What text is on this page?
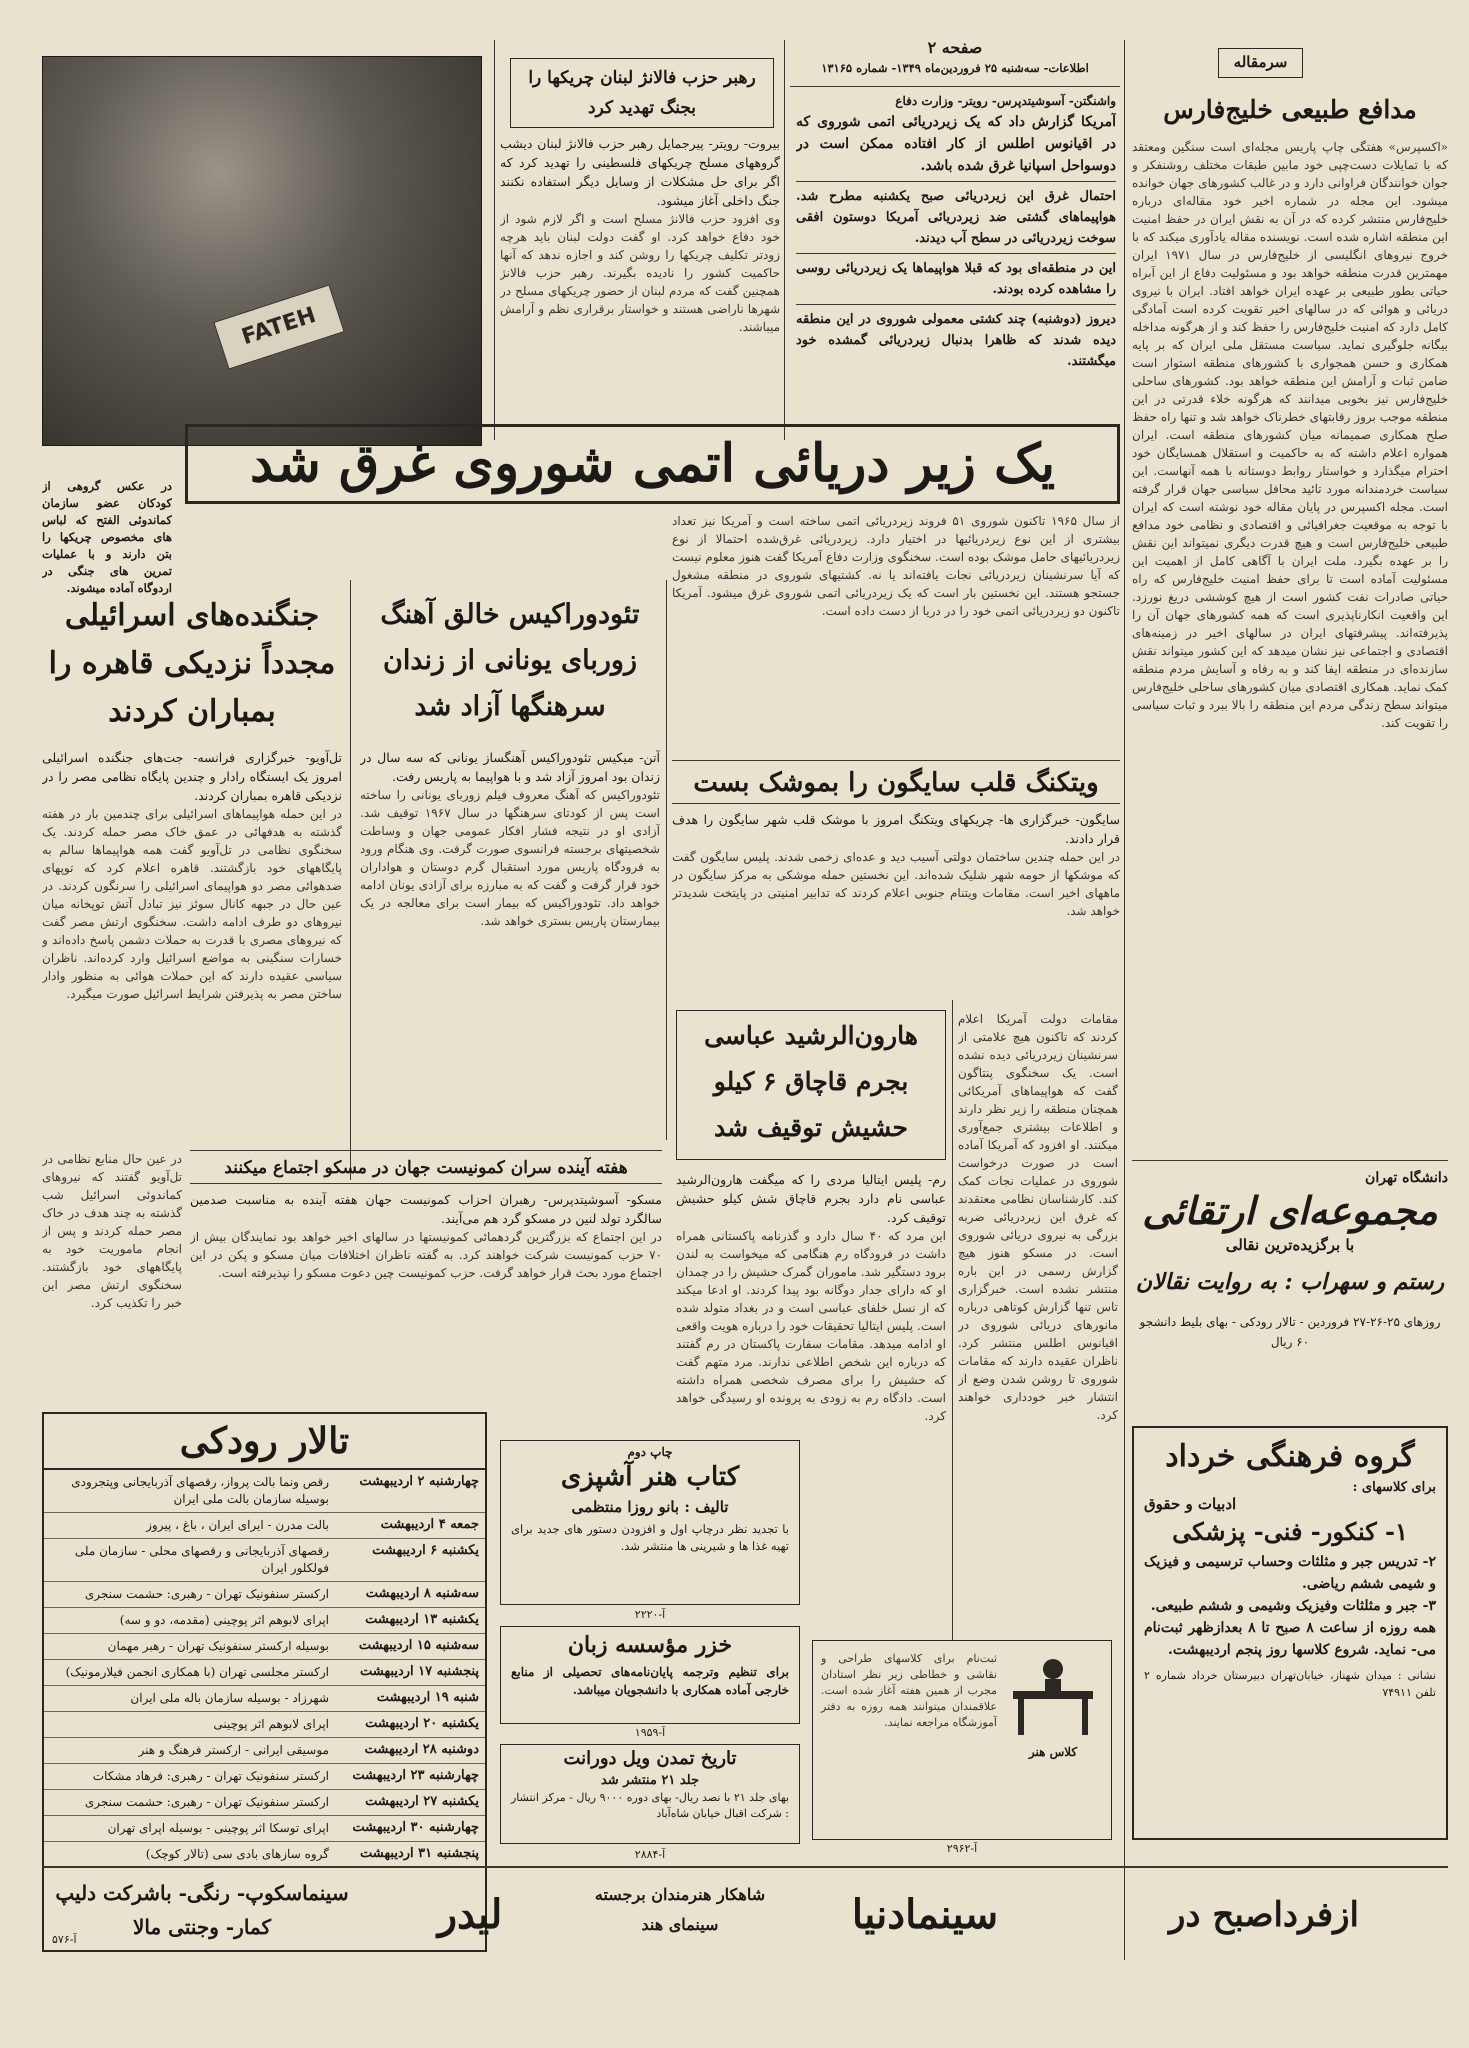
صفحه ۲
اطلاعات- سه‌شنبه ۲۵ فروردین‌ماه ۱۳۴۹- شماره ۱۳۱۶۵	سرمقاله
مدافع طبیعی خلیج‌فارس
«اکسپرس» هفتگی چاپ پاریس مجله‌ای است سنگین ومعتقد که با تمایلات دست‌چپی خود مابین طبقات مختلف روشنفکر و جوان خوانندگان فراوانی دارد و در غالب کشورهای جهان خوانده میشود. این مجله در شماره اخیر خود مقاله‌ای درباره خلیج‌فارس منتشر کرده که در آن به نقش ایران در حفظ امنیت این منطقه اشاره شده است. نویسنده مقاله یادآوری میکند که با خروج نیروهای انگلیسی از خلیج‌فارس در سال ۱۹۷۱ ایران مهمترین قدرت منطقه خواهد بود و مسئولیت دفاع از این آبراه حیاتی بطور طبیعی بر عهده ایران خواهد افتاد. ایران با نیروی دریائی و هوائی که در سالهای اخیر تقویت کرده است آمادگی کامل دارد که امنیت خلیج‌فارس را حفظ کند و از هرگونه مداخله بیگانه جلوگیری نماید. سیاست مستقل ملی ایران که بر پایه همکاری و حسن همجواری با کشورهای منطقه استوار است ضامن ثبات و آرامش این منطقه خواهد بود. کشورهای ساحلی خلیج‌فارس نیز بخوبی میدانند که هرگونه خلاء قدرتی در این منطقه موجب بروز رقابتهای خطرناک خواهد شد و تنها راه حفظ صلح همکاری صمیمانه میان کشورهای منطقه است. ایران همواره اعلام داشته که به حاکمیت و استقلال همسایگان خود احترام میگذارد و خواستار روابط دوستانه با همه آنهاست. این سیاست خردمندانه مورد تائید محافل سیاسی جهان قرار گرفته است. مجله اکسپرس در پایان مقاله خود نوشته است که ایران با توجه به موقعیت جغرافیائی و اقتصادی و نظامی خود مدافع طبیعی خلیج‌فارس است و هیچ قدرت دیگری نمیتواند این نقش را بر عهده بگیرد. ملت ایران با آگاهی کامل از اهمیت این مسئولیت آماده است تا برای حفظ امنیت خلیج‌فارس که راه حیاتی صادرات نفت کشور است از هیچ کوششی دریغ نورزد. این واقعیت انکارناپذیری است که همه کشورهای جهان آن را پذیرفته‌اند. پیشرفتهای ایران در سالهای اخیر در زمینه‌های اقتصادی و اجتماعی نیز نشان میدهد که این کشور میتواند نقش سازنده‌ای در منطقه ایفا کند و به رفاه و آسایش مردم منطقه کمک نماید. همکاری اقتصادی میان کشورهای ساحلی خلیج‌فارس میتواند سطح زندگی مردم این منطقه را بالا ببرد و ثبات سیاسی را تقویت کند.
دانشگاه تهران
مجموعه‌ای ارتقائی
با برگزیده‌ترین نقالی
رستم و سهراب : به روایت نقالان
روزهای ۲۵-۲۶-۲۷ فروردین - تالار رودکی - بهای بلیط دانشجو ۶۰ ریال
FATEH
در عکس گروهی از کودکان عضو سازمان کماندوئی الفتح که لباس های مخصوص چریکها را بتن دارند و با عملیات تمرین های جنگی در اردوگاه آماده میشوند.
رهبر حزب فالانژ لبنان چریکها را بجنگ تهدید کرد
بیروت- رویتر- پیرجمایل رهبر حزب فالانژ لبنان دیشب گروههای مسلح چریکهای فلسطینی را تهدید کرد که اگر برای حل مشکلات از وسایل دیگر استفاده نکنند جنگ داخلی آغاز میشود.
وی افزود حزب فالانژ مسلح است و اگر لازم شود از خود دفاع خواهد کرد. او گفت دولت لبنان باید هرچه زودتر تکلیف چریکها را روشن کند و اجازه ندهد که آنها حاکمیت کشور را نادیده بگیرند. رهبر حزب فالانژ همچنین گفت که مردم لبنان از حضور چریکهای مسلح در شهرها ناراضی هستند و خواستار برقراری نظم و آرامش میباشند.
واشنگتن- آسوشیتدپرس- رویتر- وزارت دفاع
آمریکا گزارش داد که یک زیردریائی اتمی شوروی که در اقیانوس اطلس از کار افتاده ممکن است در دوسواحل اسپانیا غرق شده باشد.
احتمال غرق این زیردریائی صبح یکشنبه مطرح شد. هواپیماهای گشتی ضد زیردریائی آمریکا دوستون افقی سوخت زیردریائی در سطح آب دیدند.
این در منطقه‌ای بود که قبلا هواپیماها یک زیردریائی روسی را مشاهده کرده بودند.
دیروز (دوشنبه) چند کشتی معمولی شوروی در این منطقه دیده شدند که ظاهرا بدنبال زیردریائی گمشده خود میگشتند.
یک زیر دریائی اتمی شوروی غرق شد
جنگنده‌های اسرائیلی مجدداً نزدیکی قاهره را بمباران کردند
تل‌آویو- خبرگزاری فرانسه- جت‌های جنگنده اسرائیلی امروز یک ایستگاه رادار و چندین پایگاه نظامی مصر را در نزدیکی قاهره بمباران کردند.
در این حمله هواپیماهای اسرائیلی برای چندمین بار در هفته گذشته به هدفهائی در عمق خاک مصر حمله کردند. یک سخنگوی نظامی در تل‌آویو گفت همه هواپیماها سالم به پایگاههای خود بازگشتند. قاهره اعلام کرد که توپهای ضدهوائی مصر دو هواپیمای اسرائیلی را سرنگون کردند. در عین حال در جبهه کانال سوئز نیز تبادل آتش توپخانه میان نیروهای دو طرف ادامه داشت. سخنگوی ارتش مصر گفت که نیروهای مصری با قدرت به حملات دشمن پاسخ داده‌اند و خسارات سنگینی به مواضع اسرائیل وارد کرده‌اند. ناظران سیاسی عقیده دارند که این حملات هوائی به منظور وادار ساختن مصر به پذیرفتن شرایط اسرائیل صورت میگیرد.
تئودوراکیس خالق آهنگ زوربای یونانی از زندان سرهنگها آزاد شد
آتن- میکیس تئودوراکیس آهنگساز یونانی که سه سال در زندان بود امروز آزاد شد و با هواپیما به پاریس رفت.
تئودوراکیس که آهنگ معروف فیلم زوربای یونانی را ساخته است پس از کودتای سرهنگها در سال ۱۹۶۷ توقیف شد. آزادی او در نتیجه فشار افکار عمومی جهان و وساطت شخصیتهای برجسته فرانسوی صورت گرفت. وی هنگام ورود به فرودگاه پاریس مورد استقبال گرم دوستان و هواداران خود قرار گرفت و گفت که به مبارزه برای آزادی یونان ادامه خواهد داد. تئودوراکیس که بیمار است برای معالجه در یک بیمارستان پاریس بستری خواهد شد.
از سال ۱۹۶۵ تاکنون شوروی ۵۱ فروند زیردریائی اتمی ساخته است و آمریکا نیز تعداد بیشتری از این نوع زیردریائیها در اختیار دارد. زیردریائی غرق‌شده احتمالا از نوع زیردریائیهای حامل موشک بوده است. سخنگوی وزارت دفاع آمریکا گفت هنوز معلوم نیست که آیا سرنشینان زیردریائی نجات یافته‌اند یا نه. کشتیهای شوروی در منطقه مشغول جستجو هستند. این نخستین بار است که یک زیردریائی اتمی شوروی غرق میشود. آمریکا تاکنون دو زیردریائی اتمی خود را در دریا از دست داده است.
ویتکنگ قلب سایگون را بموشک بست
سایگون- خبرگزاری ها- چریکهای ویتکنگ امروز با موشک قلب شهر سایگون را هدف قرار دادند.
در این حمله چندین ساختمان دولتی آسیب دید و عده‌ای زخمی شدند. پلیس سایگون گفت که موشکها از حومه شهر شلیک شده‌اند. این نخستین حمله موشکی به مرکز سایگون در ماههای اخیر است. مقامات ویتنام جنوبی اعلام کردند که تدابیر امنیتی در پایتخت شدیدتر خواهد شد.
هارون‌الرشید عباسی بجرم قاچاق ۶ کیلو حشیش توقیف شد
رم- پلیس ایتالیا مردی را که میگفت هارون‌الرشید عباسی نام دارد بجرم قاچاق شش کیلو حشیش توقیف کرد.
این مرد که ۴۰ سال دارد و گذرنامه پاکستانی همراه داشت در فرودگاه رم هنگامی که میخواست به لندن برود دستگیر شد. ماموران گمرک حشیش را در چمدان او که دارای جدار دوگانه بود پیدا کردند. او ادعا میکند که از نسل خلفای عباسی است و در بغداد متولد شده است. پلیس ایتالیا تحقیقات خود را درباره هویت واقعی او ادامه میدهد. مقامات سفارت پاکستان در رم گفتند که درباره این شخص اطلاعی ندارند. مرد متهم گفت که حشیش را برای مصرف شخصی همراه داشته است. دادگاه رم به زودی به پرونده او رسیدگی خواهد کرد.
مقامات دولت آمریکا اعلام کردند که تاکنون هیچ علامتی از سرنشینان زیردریائی دیده نشده است. یک سخنگوی پنتاگون گفت که هواپیماهای آمریکائی همچنان منطقه را زیر نظر دارند و اطلاعات بیشتری جمع‌آوری میکنند. او افزود که آمریکا آماده است در صورت درخواست شوروی در عملیات نجات کمک کند. کارشناسان نظامی معتقدند که غرق این زیردریائی ضربه بزرگی به نیروی دریائی شوروی است. در مسکو هنوز هیچ گزارش رسمی در این باره منتشر نشده است. خبرگزاری تاس تنها گزارش کوتاهی درباره مانورهای دریائی شوروی در اقیانوس اطلس منتشر کرد. ناظران عقیده دارند که مقامات شوروی تا روشن شدن وضع از انتشار خبر خودداری خواهند کرد.
هفته آینده سران کمونیست جهان در مسکو اجتماع میکنند
مسکو- آسوشیتدپرس- رهبران احزاب کمونیست جهان هفته آینده به مناسبت صدمین سالگرد تولد لنین در مسکو گرد هم می‌آیند.
در این اجتماع که بزرگترین گردهمائی کمونیستها در سالهای اخیر خواهد بود نمایندگان بیش از ۷۰ حزب کمونیست شرکت خواهند کرد. به گفته ناظران اختلافات میان مسکو و پکن در این اجتماع مورد بحث قرار خواهد گرفت. حزب کمونیست چین دعوت مسکو را نپذیرفته است.
در عین حال منابع نظامی در تل‌آویو گفتند که نیروهای کماندوئی اسرائیل شب گذشته به چند هدف در خاک مصر حمله کردند و پس از انجام ماموریت خود به پایگاههای خود بازگشتند. سخنگوی ارتش مصر این خبر را تکذیب کرد.
تالار رودکی
چهارشنبه ۲ اردیبهشت
رقص ونما بالت پرواز، رقصهای آذربایجانی وپتجرودی بوسیله سازمان بالت ملی ایران
جمعه ۴ اردیبهشت
بالت مدرن - ایرای ایران ، باغ ، پیروز
یکشنبه ۶ اردیبهشت
رقصهای آذربایجانی و رقصهای محلی - سازمان ملی فولکلور ایران
سه‌شنبه ۸ اردیبهشت
ارکستر سنفونیک تهران - رهبری: حشمت سنجری
یکشنبه ۱۳ اردیبهشت
اپرای لابوهم اثر پوچینی (مقدمه، دو و سه)
سه‌شنبه ۱۵ اردیبهشت
بوسیله ارکستر سنفونیک تهران - رهبر مهمان
پنجشنبه ۱۷ اردیبهشت
ارکستر مجلسی تهران (با همکاری انجمن فیلارمونیک)
شنبه ۱۹ اردیبهشت
شهرزاد - بوسیله سازمان باله ملی ایران
یکشنبه ۲۰ اردیبهشت
اپرای لابوهم اثر پوچینی
دوشنبه ۲۸ اردیبهشت
موسیقی ایرانی - ارکستر فرهنگ و هنر
چهارشنبه ۲۳ اردیبهشت
ارکستر سنفونیک تهران - رهبری: فرهاد مشکات
یکشنبه ۲۷ اردیبهشت
ارکستر سنفونیک تهران - رهبری: حشمت سنجری
چهارشنبه ۳۰ اردیبهشت
اپرای توسکا اثر پوچینی - بوسیله اپرای تهران
پنجشنبه ۳۱ اردیبهشت
گروه سازهای بادی سی (تالار کوچک)
آ-۵۷۶
چاپ دوم
کتاب هنر آشپزی
تالیف : بانو روزا منتظمی
با تجدید نظر درچاپ اول و افزودن دستور های جدید برای تهیه غذا ها و شیرینی ها منتشر شد.
آ-۲۲۲۰
خزر مؤسسه زبان
برای تنظیم وترجمه پایان‌نامه‌های تحصیلی از منابع خارجی آماده همکاری با دانشجویان میباشد.
آ-۱۹۵۹
تاریخ تمدن ویل دورانت
جلد ۲۱ منتشر شد
بهای جلد ۲۱ با نصد ریال- بهای دوره ۹۰۰۰ ریال - مرکز انتشار : شرکت اقبال خیابان شاه‌آباد
آ-۲۸۸۴
کلاس هنر
ثبت‌نام برای کلاسهای طراحی و نقاشی و خطاطی زیر نظر استادان مجرب از همین هفته آغاز شده است. علاقمندان میتوانند همه روزه به دفتر آموزشگاه مراجعه نمایند.
آ-۲۹۶۲
گروه فرهنگی خرداد
برای کلاسهای :
ادبیات و حقوق
۱- کنکور- فنی- پزشکی
۲- تدریس جبر و مثلثات وحساب ترسیمی و فیزیک و شیمی ششم ریاضی.
۳- جبر و مثلثات وفیزیک وشیمی و ششم طبیعی.
همه روزه از ساعت ۸ صبح تا ۸ بعدازظهر ثبت‌نام می- نماید. شروع کلاسها روز پنجم اردیبهشت.
نشانی : میدان شهناز، خیابان‌تهران دبیرستان خرداد شماره ۲ تلفن ۷۴۹۱۱
سینماسکوپ- رنگی- باشرکت دلیپ کمار- وجنتی مالا	لیدر	شاهکار هنرمندان برجسته سینمای هند	سینمادنیا	ازفرداصبح در
